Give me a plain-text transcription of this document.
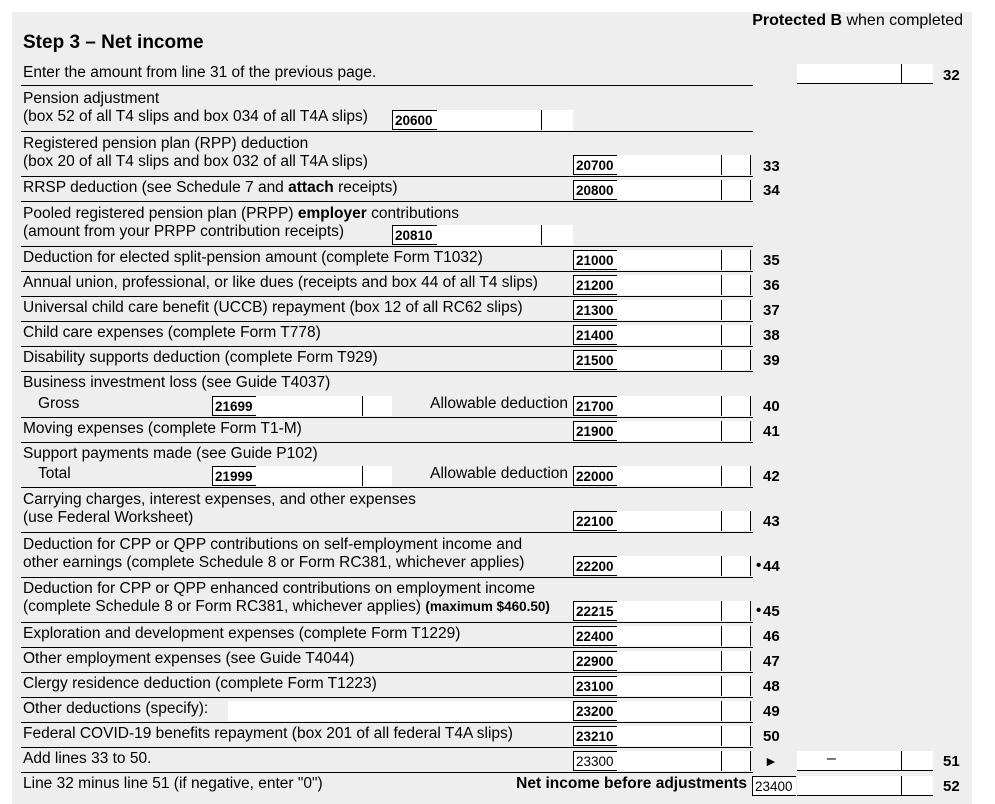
Protected B when completed
Step 3 – Net income
Enter the amount from line 31 of the previous page.	32
Pension adjustment
(box 52 of all T4 slips and box 034 of all T4A slips) 20600
Registered pension plan (RPP) deduction
(box 20 of all T4 slips and box 032 of all T4A slips)	20700	33
RRSP deduction (see Schedule 7 and attach receipts)	20800	34
Pooled registered pension plan (PRPP) employer contributions
(amount from your PRPP contribution receipts)	20810
Deduction for elected split-pension amount (complete Form T1032)	21000	35
Annual union, professional, or like dues (receipts and box 44 of all T4 slips)	21200	36
Universal child care benefit (UCCB) repayment (box 12 of all RC62 slips)	21300	37
Child care expenses (complete Form T778)	21400	38
Disability supports deduction (complete Form T929)	21500	39
Business investment loss (see Guide T4037)
Gross	21699	Allowable deduction 21700	40
Moving expenses (complete Form T1-M)	21900	41
Support payments made (see Guide P102)
Total	21999	Allowable deduction 22000	42
Carrying charges, interest expenses, and other expenses
(use Federal Worksheet)	22100	43
Deduction for CPP or QPP contributions on self-employment income and
other earnings (complete Schedule 8 or Form RC381, whichever applies)	22200	• 44
Deduction for CPP or QPP enhanced contributions on employment income
(complete Schedule 8 or Form RC381, whichever applies) (maximum $460.50) 22215	• 45
Exploration and development expenses (complete Form T1229)	22400	46
Other employment expenses (see Guide T4044)	22900	47
Clergy residence deduction (complete Form T1223)	23100	48
Other deductions (specify):	23200	49
Federal COVID-19 benefits repayment (box 201 of all federal T4A slips)	23210	50
Add lines 33 to 50.	23300	►	–	51
Line 32 minus line 51 (if negative, enter "0")	Net income before adjustments 23400	52
